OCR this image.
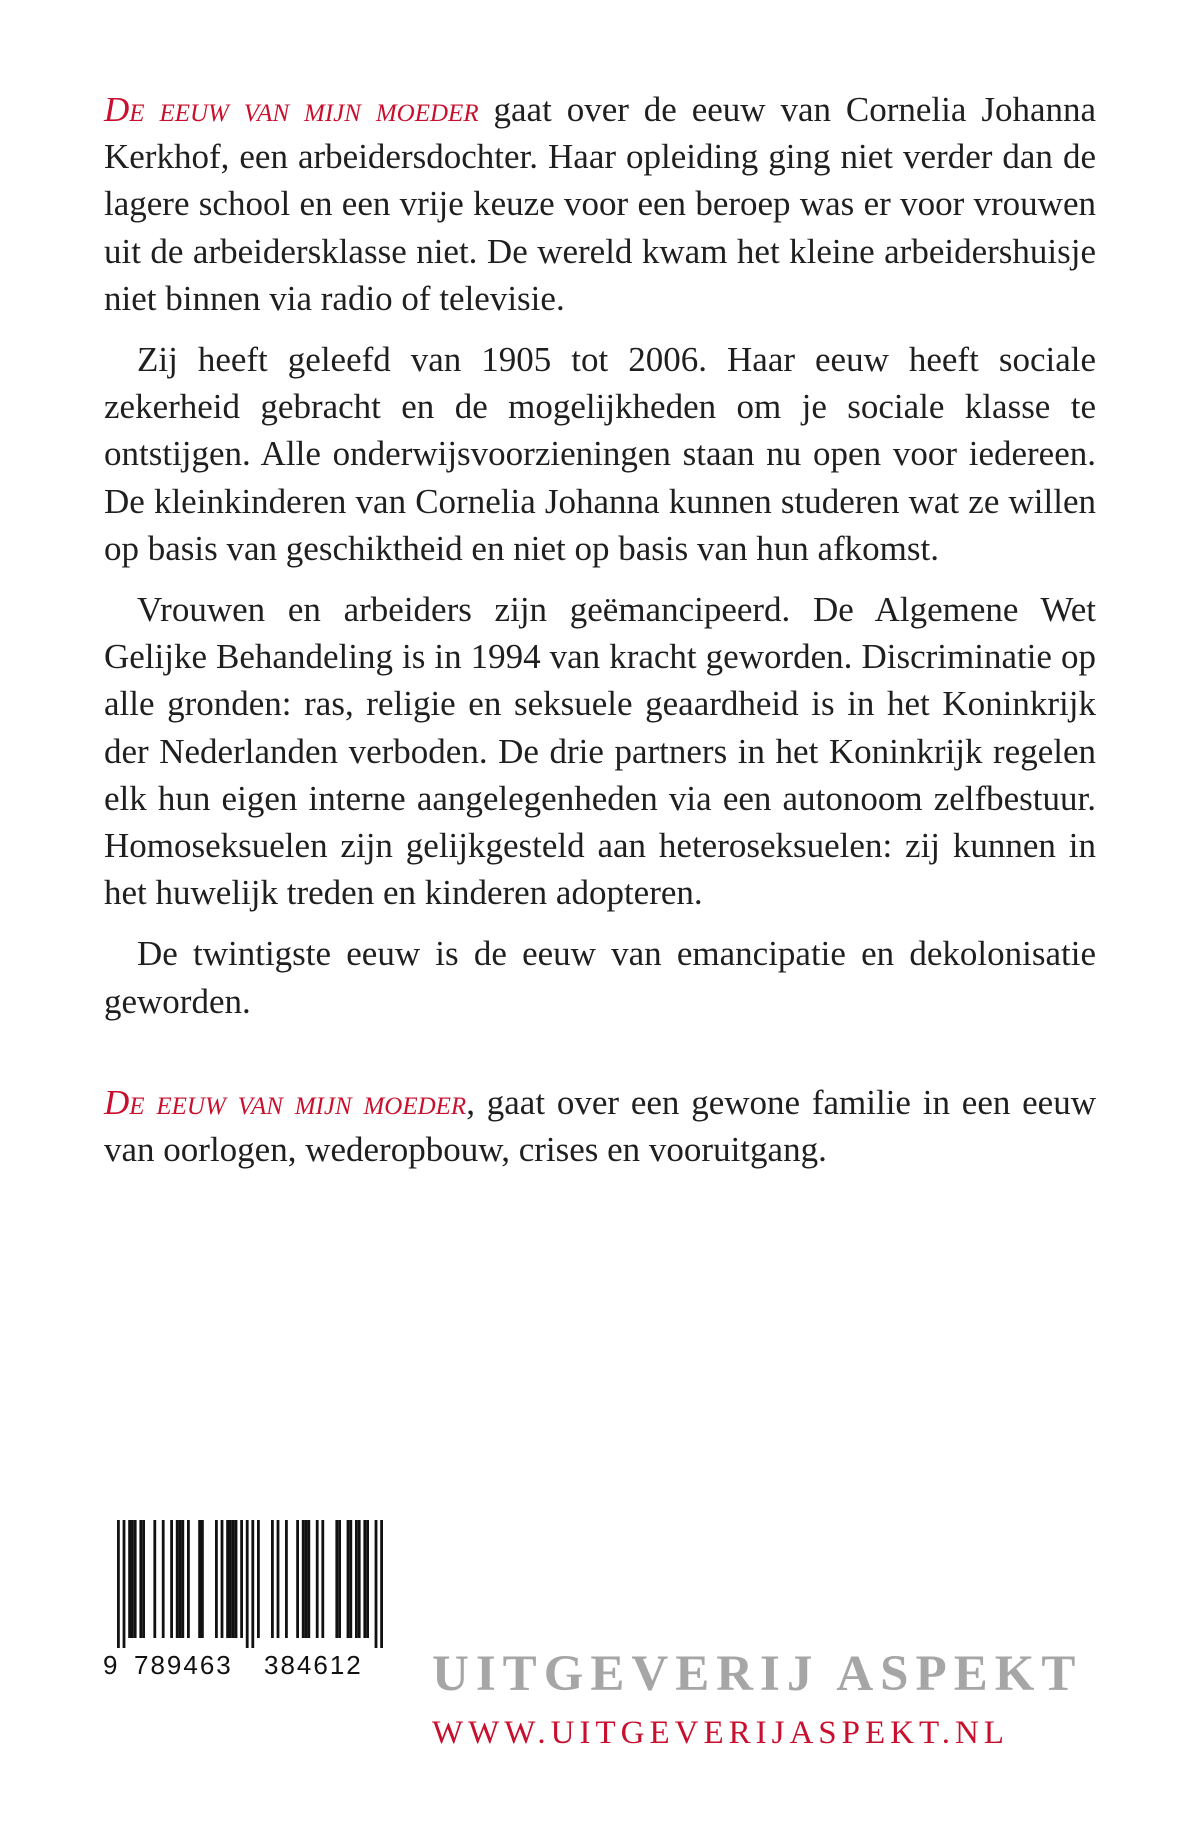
De eeuw van mijn moeder gaat over de eeuw van Cornelia Johanna Kerkhof, een arbeidersdochter. Haar opleiding ging niet verder dan de lagere school en een vrije keuze voor een beroep was er voor vrouwen uit de arbeidersklasse niet. De wereld kwam het kleine arbeidershuisje niet binnen via radio of televisie.

Zij heeft geleefd van 1905 tot 2006. Haar eeuw heeft sociale zekerheid gebracht en de mogelijkheden om je sociale klasse te ontstijgen. Alle onderwijsvoorzieningen staan nu open voor iedereen. De kleinkinderen van Cornelia Johanna kunnen studeren wat ze willen op basis van geschiktheid en niet op basis van hun afkomst.

Vrouwen en arbeiders zijn geëmancipeerd. De Algemene Wet Gelijke Behandeling is in 1994 van kracht geworden. Discriminatie op alle gronden: ras, religie en seksuele geaardheid is in het Koninkrijk der Nederlanden verboden. De drie partners in het Koninkrijk regelen elk hun eigen interne aangelegenheden via een autonoom zelfbestuur. Homoseksuelen zijn gelijkgesteld aan heteroseksuelen: zij kunnen in het huwelijk treden en kinderen adopteren.

De twintigste eeuw is de eeuw van emancipatie en dekolonisatie geworden.

De eeuw van mijn moeder, gaat over een gewone familie in een eeuw van oorlogen, wederopbouw, crises en vooruitgang.

9 789463 384612 UITGEVERIJ ASPEKT
WWW.UITGEVERIJASPEKT.NL
